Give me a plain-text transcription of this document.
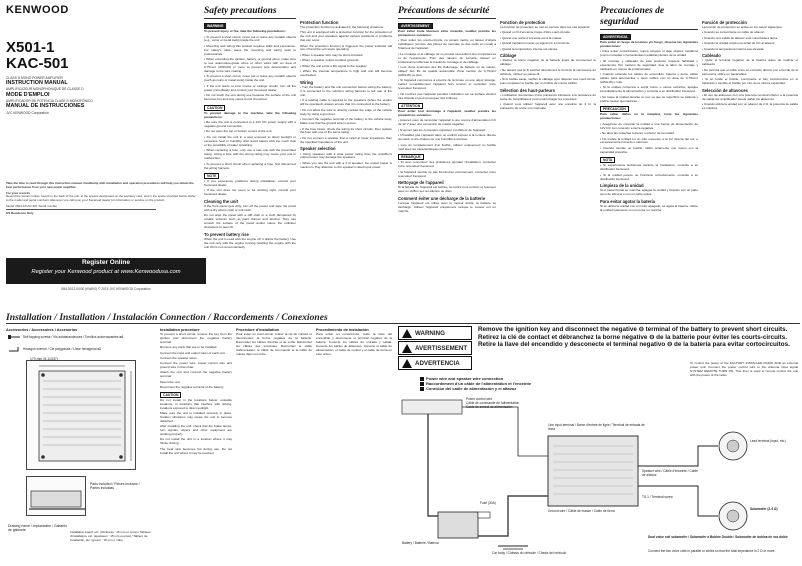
KENWOOD
X501-1
KAC-501
CLASS D MONO POWER AMPLIFIER
INSTRUCTION MANUAL
AMPLIFICATEUR MONOPHONIQUE DE CLASSE D
MODE D'EMPLOI
AMPLIFICADOR DE POTENCIA CLASE D MONOFÓNICO
MANUAL DE INSTRUCCIONES
JVC KENWOOD Corporation

Take the time to read through this instruction manual. Familiarity with installation and operation procedures will help you obtain the best performance from your new power amplifier.

For your records

Record the serial number, found on the back of the unit, in the spaces designated on the warranty card, and in the space provided below. Refer to the model and serial numbers whenever you call upon your Kenwood dealer for information or service on the product.

Model X501-1/KAC-501 Serial number

US Residence Only

Register Online
Register your Kenwood product at www.Kenwoodusa.com
B54-5012-00/00 (KW/K0) © 2015 JVC KENWOOD Corporation
Safety precautions
WARNING

To prevent injury or fire, take the following precautions:

• To prevent a short circuit, never put or leave any metallic objects (e.g., coins or metal tools) inside the unit.

• Mounting and wiring this product requires skills and experience. For safety's sake, leave the mounting and wiring work to professionals.

• When extending the ignition, battery, or ground wires, make sure to use automotive-grade wires or other wires with an area of 0.75mm² (AWG18) or more to prevent wire deterioration and damage to the wire coating.

• To prevent a short circuit, never put or leave any metallic objects (such as coins or metal tools) inside the unit.

• If the unit starts to emit smoke or strange smells, turn off the power immediately and consult your Kenwood dealer.

• Do not touch the unit during use because the surface of the unit becomes hot and may cause burns if touched.

CAUTION

To prevent damage to the machine, take the following precautions:

• Be sure the unit is connected to a 12V DC power supply with a negative ground connection.

• Do not open the top or bottom covers of the unit.

• Do not install the unit in a spot exposed to direct sunlight or excessive heat or humidity. Also avoid places with too much dust or the possibility of water splashing.

• When replacing a fuse, only use a new one with the prescribed rating. Using a fuse with the wrong rating may cause your unit to malfunction.

• To prevent a short circuit when replacing a fuse, first disconnect the wiring harness.

NOTE

• If you experience problems during installation, consult your Kenwood dealer.

• If the unit does not seem to be working right, consult your Kenwood dealer.

Cleaning the unit

If the front panel gets dirty, turn off the power and wipe the panel with a dry silicon cloth or soft cloth.

Do not wipe the panel with a stiff cloth or a cloth dampened by volatile solvents such as paint thinner and alcohol. They can scratch the surface of the panel and/or cause the indicator characters to peel off.

To prevent battery rise

When the unit is used with the engine off, it drains the battery. Use the unit only with the engine running (starting the engine with the unit ON is not recommended).

Protection function

The protection function is activated in the following situations:

This unit is equipped with a protection function for the protection of the unit and your speakers against various accidents or problems that can occur.

When the protection function is triggered, the power indicator will turn off and the unit stops operating.

• When a speaker wire may be short-circuited.

• When a speaker output contains grounds.

• When the unit emits a DC signal to the speaker.

• When the internal temperature is high and unit will become overheated.

Wiring

• Turn the battery and the unit connection before wiring the battery. It is connected to the vehicle's wiring harness to left rear of the unit.

• If a leading cable is required to the speakers (when the engine will be operated), always ensure that it is connected to the battery.

• Do not allow the wire to directly contact the edge of the vehicle body by using a grommet.

• Connect the negative terminal of the battery to the vehicle body. Make sure that the ground wire is secure.

• If the fuse blows, check the wiring for short circuits, then replace the fuse with one of the same rating.

• Do not connect a speaker that is rated at lower impedance than the specified impedance of the unit.

Speaker selection

• Using speakers with a wide power rating than the amplifier's output power may damage the speakers.

• When you use the unit with a 2 Ω speaker, the output power is maximum. Pay attention to the speaker's rated input power.

Précautions de sécurité
AVERTISSEMENT

Pour éviter toute blessure et/ou incendie, veuillez prendre les précautions suivantes:

• Pour éviter les courts-circuits, ne jamais mettre ou laisser d'objets métalliques (comme des pièces de monnaie ou des outils en métal) à l'intérieur de l'appareil.

• Le montage et le câblage de ce produit nécessitent des compétences et de l'expérience. Pour des raisons de sécurité, laissez un professionnel effectuer le travail de montage et de câblage.

• Lors d'une extension des fils d'allumage, de batterie ou de masse, utilisez des fils de qualité automobile d'une section de 0,75mm² (AWG18) ou plus.

• Si l'appareil commence à émettre de la fumée ou une odeur étrange, mettez immédiatement l'appareil hors tension et consultez votre revendeur Kenwood.

• Ne touchez pas l'appareil pendant l'utilisation car sa surface devient très chaude et peut provoquer des brûlures.

ATTENTION

Pour éviter tout dommage à l'appareil, veuillez prendre les précautions suivantes:

• Assurez-vous de raccorder l'appareil à une source d'alimentation CC de 12 V avec une connexion de masse négative.

• N'ouvrez pas les couvercles supérieur et inférieur de l'appareil.

• N'installez pas l'appareil dans un endroit exposé à la lumière directe du soleil, à une chaleur ou une humidité excessive.

• Lors du remplacement d'un fusible, utilisez uniquement un fusible neuf avec les caractéristiques prescrites.

REMARQUE

• Si vous rencontrez des problèmes pendant l'installation, consultez votre revendeur Kenwood.

• Si l'appareil semble ne pas fonctionner correctement, consultez votre revendeur Kenwood.

Nettoyage de l'appareil

Si la façade de l'appareil est tachée, la mettre hors tension et l'essuyer avec un chiffon sec au silicone ou doux.

Comment éviter une décharge de la batterie

Lorsque l'appareil est utilisé avec le moteur arrêté, la batterie se décharge. Utilisez l'appareil uniquement lorsque le moteur est en marche.

Fonction de protection

La fonction de protection se met en service dans les cas suivants:

• Quand un fil d'enceinte risque d'être court-circuité.

• Quand une sortie d'enceinte est à la masse.

• Quand l'appareil envoie un signal CC à l'enceinte.

• Quand la température interne est élevée.

Câblage

• Retirez la borne négative de la batterie avant de commencer le câblage.

• Ne laissez pas le fil toucher directement le bord de la carrosserie du véhicule, utilisez un passe-fil.

• Si le fusible saute, vérifiez le câblage pour détecter tout court-circuit, puis remplacez le fusible par un fusible de même calibre.

Sélection des haut-parleurs

• L'utilisation d'enceintes d'une puissance inférieure à la puissance de sortie de l'amplificateur peut endommager les enceintes.

• Quand vous utilisez l'appareil avec une enceinte de 2 Ω, la puissance de sortie est maximale.

Precauciones de seguridad
ADVERTENCIA

Para evitar el riesgo de lesiones y/o fuego, observe las siguientes precauciones:

• Para evitar cortocircuitos, nunca coloque ni deje objetos metálicos (como monedas o herramientas metálicas) dentro de la unidad.

• El montaje y cableado de este producto requiere habilidad y experiencia. Por motivos de seguridad, deje la labor de montaje y cableado en manos de profesionales.

• Cuando extienda los cables de encendido, batería o tierra, utilice cables para automóviles u otros cables con un área de 0,75mm² (AWG18) o más.

• Si la unidad comienza a emitir humo u olores extraños, apague inmediatamente la alimentación y consulte a su distribuidor Kenwood.

• No toque la unidad durante su uso ya que su superficie se calienta y podría causar quemaduras.

PRECAUCIÓN

Para evitar daños en la máquina, tome las siguientes precauciones:

• Asegúrese de conectar la unidad a una fuente de alimentación de 12V CC con conexión a tierra negativa.

• No abra las cubiertas superior o inferior de la unidad.

• No instale la unidad en un sitio expuesto a la luz directa del sol, o excesivamente húmedo o caluroso.

• Cuando cambie un fusible, utilice solamente uno nuevo con la capacidad prescrita.

NOTA

• Si experimenta problemas durante la instalación, consulte a su distribuidor Kenwood.

• Si la unidad parece no funcionar correctamente, consulte a su distribuidor Kenwood.

Limpieza de la unidad

Si el panel frontal se mancha, apague la unidad y límpielo con un paño seco de silicona o con un paño suave.

Para evitar agotar la batería

Si se utiliza la unidad con el motor apagado, se agota la batería. Utilice la unidad solamente con el motor en marcha.

Función de protección

La función de protección se activa en los casos siguientes:

• Cuando se cortocircuite un cable de altavoz.

• Cuando una salida de altavoz esté conectada a tierra.

• Cuando la unidad emita una señal de CC al altavoz.

• Cuando la temperatura interna sea elevada.

Cableado

• Quite el terminal negativo de la batería antes de realizar el cableado.

• No permita que el cable entre en contacto directo con el borde de la carrocería, utilice un pasacables.

• Si se funde el fusible, compruebe si hay cortocircuitos en el cableado y cambie el fusible por otro de la misma capacidad.

Selección de altavoces

• El uso de altavoces con una potencia nominal inferior a la potencia de salida del amplificador puede dañar los altavoces.

• Cuando utiliza la unidad con un altavoz de 2 Ω, la potencia de salida es máxima.

Installation / Installation / Instalación Connection / Raccordements / Conexiones
Accessories / Accessoires / Accesorios
Self tapping screws / Vis autotaraudeuses / Tornillos autorroscantes x4
Hexagon wrench / Clé polygonale / Llave hexagonal x1
170 mm (6-11/16")
Parts included / Pièces incluses / Partes incluidas
Drawing name / Implantation / Gabarito de gabinete	Installation board: etc. (thickness : 15 mm or more) / Tableau d'installation, etc. (épaisseur : 15 mm ou plus) / Tablero de instalación, etc. (grosor : 15 mm o más)
Installation procedure

To prevent a short circuit, remove the key from the ignition and disconnect the negative battery terminal.

Remove any parts that are to be installed.

Connect the input and output wires of each unit.

Connect the speaker wires.

Connect the power wire, power control wire and ground wire in that order.

Attach the unit and connect the negative battery terminal.

Mount the unit.

Reconnect the negative terminal of the battery.

CAUTION

Do not install in the locations below: unstable locations, in locations that interfere with driving, locations exposed to direct sunlight.

Make sure the unit is installed securely in place. Sudden vibrations may cause the unit to become detached.

After installing the unit, check that the brake lamps, turn signals, wipers and other equipment are working properly.

Do not install the unit in a location where it may hinder driving.

The heat sink becomes hot during use. Do not install the unit where it may be touched.

Procédure d'installation

Pour éviter un court-circuit, retirez la clé de contact et déconnectez la borne négative de la batterie. Raccordez les câbles d'entrée et de sortie. Raccordez les câbles des enceintes. Raccordez le câble d'alimentation, le câble de commande et le câble de masse dans cet ordre.

Procedimiento de instalación

Para evitar un cortocircuito, retire la llave del encendido y desconecte el terminal negativo de la batería. Conecte los cables de entrada y salida. Conecte los cables de altavoces. Conecte el cable de alimentación, el cable de control y el cable de tierra en este orden.

WARNING
AVERTISSEMENT
ADVERTENCIA
Remove the ignition key and disconnect the negative ⊖ terminal of the battery to prevent short circuits.
Retirez la clé de contact et débranchez la borne négative ⊖ de la batterie pour éviter les courts-circuits.
Retire la llave del encendido y desconecte el terminal negativo ⊖ de la batería para evitar cortocircuitos.
Power wire and speaker wire connection
Raccordement d'un câble de l'alimentation et l'enceinte
Conexión del cable de alimentación y el altavoz
Power control wire
Câble de commande de l'alimentation
Cable de control de alimentación
Fuse (30A)
Battery / Batterie / Batería
Car body / Châssis du véhicule / Chasis del vehículo
Ground wire / Câble de masse / Cable de tierra
Line input terminal / Borne d'entrée de ligne / Terminal de entrada de línea
Speaker wire / Câble d'enceinte / Cable de altavoz
TS-1 / Terminal screw
Lead terminal (input, etc.)
Subwoofer (2-4 Ω)
Dual voice coil subwoofer / Subwoofer à Bobine Double / Subwoofer de bobina de voz doble
Connect the two voice coils in parallel or series so that the total impedance is 2 Ω or more.

To control the power of the FACTORY INSTALLED RADIO AND an external power unit: Connect the power control wire to the antenna input signal SYSTEM REMOTE TURN ON. This then is used to remote control the unit with the power of the radio.
